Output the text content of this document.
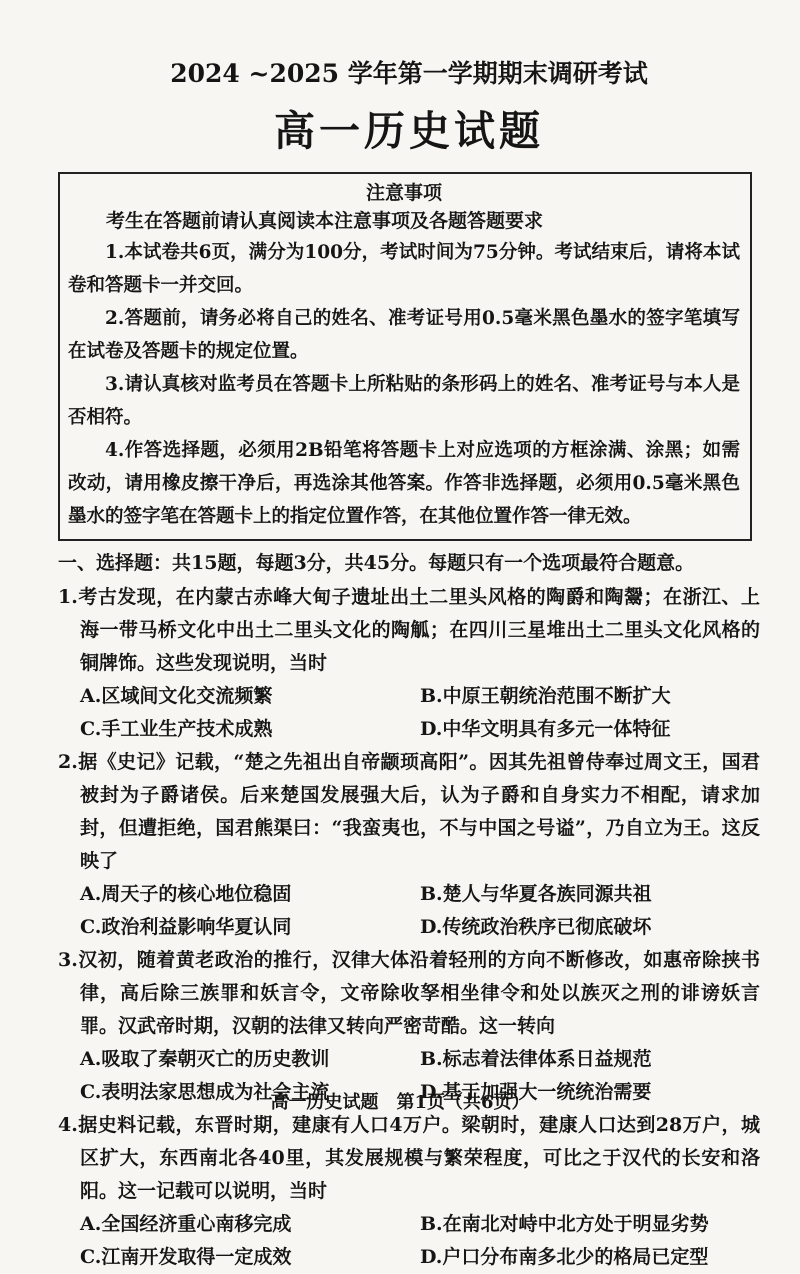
2024 ~2025 学年第一学期期末调研考试
高一历史试题
注意事项
考生在答题前请认真阅读本注意事项及各题答题要求
1.本试卷共6页，满分为100分，考试时间为75分钟。考试结束后，请将本试卷和答题卡一并交回。
2.答题前，请务必将自己的姓名、准考证号用0.5毫米黑色墨水的签字笔填写在试卷及答题卡的规定位置。
3.请认真核对监考员在答题卡上所粘贴的条形码上的姓名、准考证号与本人是否相符。
4.作答选择题，必须用2B铅笔将答题卡上对应选项的方框涂满、涂黑；如需改动，请用橡皮擦干净后，再选涂其他答案。作答非选择题，必须用0.5毫米黑色墨水的签字笔在答题卡上的指定位置作答，在其他位置作答一律无效。
一、选择题：共15题，每题3分，共45分。每题只有一个选项最符合题意。
1.考古发现，在内蒙古赤峰大甸子遗址出土二里头风格的陶爵和陶鬶；在浙江、上海一带马桥文化中出土二里头文化的陶觚；在四川三星堆出土二里头文化风格的铜牌饰。这些发现说明，当时
A.区域间文化交流频繁	B.中原王朝统治范围不断扩大
C.手工业生产技术成熟	D.中华文明具有多元一体特征
2.据《史记》记载，“楚之先祖出自帝颛顼高阳”。因其先祖曾侍奉过周文王，国君被封为子爵诸侯。后来楚国发展强大后，认为子爵和自身实力不相配，请求加封，但遭拒绝，国君熊渠曰：“我蛮夷也，不与中国之号谥”，乃自立为王。这反映了
A.周天子的核心地位稳固	B.楚人与华夏各族同源共祖
C.政治利益影响华夏认同	D.传统政治秩序已彻底破坏
3.汉初，随着黄老政治的推行，汉律大体沿着轻刑的方向不断修改，如惠帝除挟书律，高后除三族罪和妖言令，文帝除收孥相坐律令和处以族灭之刑的诽谤妖言罪。汉武帝时期，汉朝的法律又转向严密苛酷。这一转向
A.吸取了秦朝灭亡的历史教训	B.标志着法律体系日益规范
C.表明法家思想成为社会主流	D.基于加强大一统统治需要
4.据史料记载，东晋时期，建康有人口4万户。梁朝时，建康人口达到28万户，城区扩大，东西南北各40里，其发展规模与繁荣程度，可比之于汉代的长安和洛阳。这一记载可以说明，当时
A.全国经济重心南移完成	B.在南北对峙中北方处于明显劣势
C.江南开发取得一定成效	D.户口分布南多北少的格局已定型
高一历史试题　第1页（共6页）
